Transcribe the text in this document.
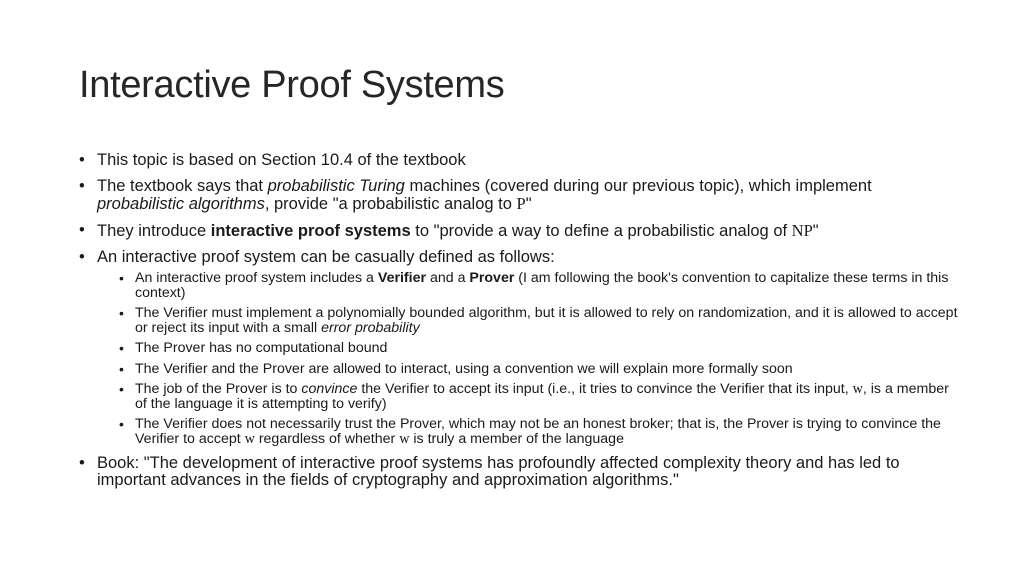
Interactive Proof Systems
• This topic is based on Section 10.4 of the textbook
• The textbook says that probabilistic Turing machines (covered during our previous topic), which implement probabilistic algorithms, provide "a probabilistic analog to P"
• They introduce interactive proof systems to "provide a way to define a probabilistic analog of NP"
• An interactive proof system can be casually defined as follows:
• An interactive proof system includes a Verifier and a Prover (I am following the book's convention to capitalize these terms in this context)
• The Verifier must implement a polynomially bounded algorithm, but it is allowed to rely on randomization, and it is allowed to accept or reject its input with a small error probability
• The Prover has no computational bound
• The Verifier and the Prover are allowed to interact, using a convention we will explain more formally soon
• The job of the Prover is to convince the Verifier to accept its input (i.e., it tries to convince the Verifier that its input, w, is a member of the language it is attempting to verify)
• The Verifier does not necessarily trust the Prover, which may not be an honest broker; that is, the Prover is trying to convince the Verifier to accept w regardless of whether w is truly a member of the language
• Book: "The development of interactive proof systems has profoundly affected complexity theory and has led to important advances in the fields of cryptography and approximation algorithms."
